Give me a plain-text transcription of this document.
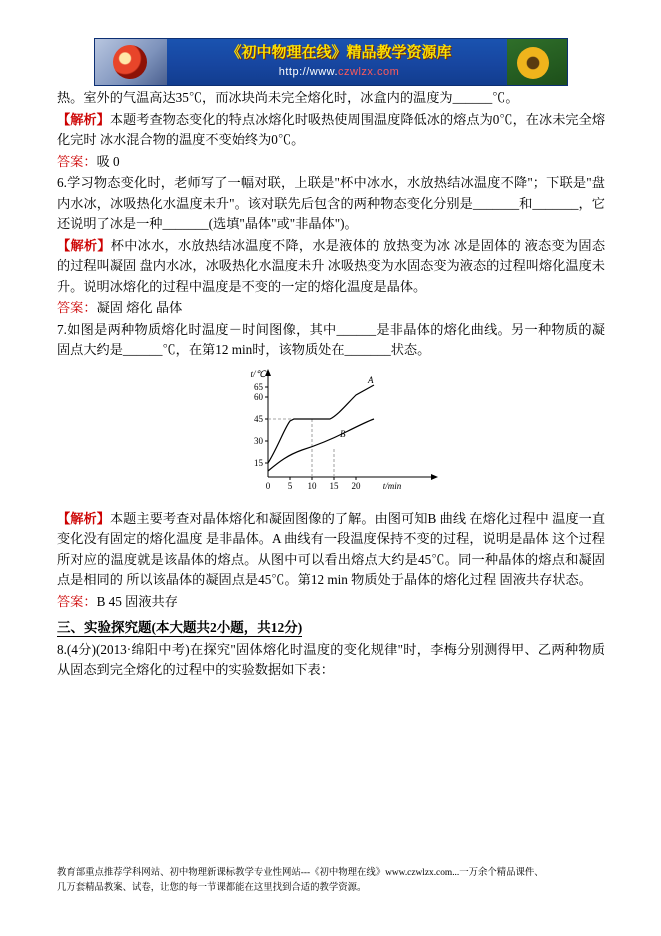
《初中物理在线》精品教学资源库
http://www.czwlzx.com

热。室外的气温高达35℃，而冰块尚未完全熔化时，冰盒内的温度为______℃。

【解析】本题考查物态变化的特点冰熔化时吸热使周围温度降低冰的熔点为0℃，在冰未完全熔化完时 冰水混合物的温度不变始终为0℃。

答案：吸 0

6.学习物态变化时，老师写了一幅对联，上联是"杯中冰水，水放热结冰温度不降"；下联是"盘内水冰，冰吸热化水温度未升"。该对联先后包含的两种物态变化分别是_______和_______，它还说明了冰是一种_______(选填"晶体"或"非晶体")。

【解析】杯中冰水，水放热结冰温度不降，水是液体的 放热变为冰 冰是固体的 液态变为固态的过程叫凝固 盘内水冰，冰吸热化水温度未升 冰吸热变为水固态变为液态的过程叫熔化温度未升。说明冰熔化的过程中温度是不变的一定的熔化温度是晶体。

答案：凝固 熔化 晶体

7.如图是两种物质熔化时温度－时间图像，其中______是非晶体的熔化曲线。另一种物质的凝固点大约是______℃，在第12 min时，该物质处在_______状态。

65
60
45
30
15
t/℃
0 5 10 15 20 t/min
A
B

【解析】本题主要考查对晶体熔化和凝固图像的了解。由图可知B 曲线 在熔化过程中 温度一直变化没有固定的熔化温度 是非晶体。A 曲线有一段温度保持不变的过程，说明是晶体 这个过程所对应的温度就是该晶体的熔点。从图中可以看出熔点大约是45℃。同一种晶体的熔点和凝固点是相同的 所以该晶体的凝固点是45℃。第12 min 物质处于晶体的熔化过程 固液共存状态。

答案：B 45 固液共存

三、实验探究题(本大题共2小题，共12分)

8.(4分)(2013·绵阳中考)在探究"固体熔化时温度的变化规律"时，李梅分别测得甲、乙两种物质从固态到完全熔化的过程中的实验数据如下表：

教育部重点推荐学科网站、初中物理新课标教学专业性网站---《初中物理在线》www.czwlzx.com...一万余个精品课件、
几万套精品教案、试卷，让您的每一节课都能在这里找到合适的教学资源。
